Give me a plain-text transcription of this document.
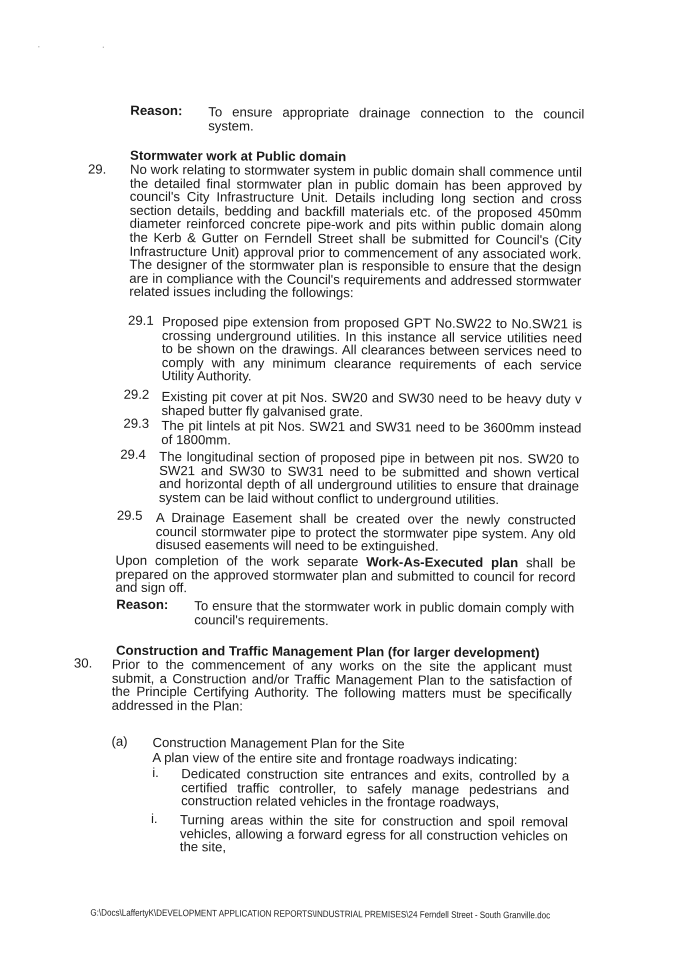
. .
Reason: To ensure appropriate drainage connection to the council system.
Stormwater work at Public domain
29. No work relating to stormwater system in public domain shall commence until the detailed final stormwater plan in public domain has been approved by council's City Infrastructure Unit. Details including long section and cross section details, bedding and backfill materials etc. of the proposed 450mm diameter reinforced concrete pipe-work and pits within public domain along the Kerb & Gutter on Ferndell Street shall be submitted for Council's (City Infrastructure Unit) approval prior to commencement of any associated work. The designer of the stormwater plan is responsible to ensure that the design are in compliance with the Council's requirements and addressed stormwater related issues including the followings:
29.1 Proposed pipe extension from proposed GPT No.SW22 to No.SW21 is crossing underground utilities. In this instance all service utilities need to be shown on the drawings. All clearances between services need to comply with any minimum clearance requirements of each service Utility Authority.
29.2 Existing pit cover at pit Nos. SW20 and SW30 need to be heavy duty v shaped butter fly galvanised grate.
29.3 The pit lintels at pit Nos. SW21 and SW31 need to be 3600mm instead of 1800mm.
29.4 The longitudinal section of proposed pipe in between pit nos. SW20 to SW21 and SW30 to SW31 need to be submitted and shown vertical and horizontal depth of all underground utilities to ensure that drainage system can be laid without conflict to underground utilities.
29.5 A Drainage Easement shall be created over the newly constructed council stormwater pipe to protect the stormwater pipe system. Any old disused easements will need to be extinguished.
Upon completion of the work separate Work-As-Executed plan shall be prepared on the approved stormwater plan and submitted to council for record and sign off.
Reason: To ensure that the stormwater work in public domain comply with council's requirements.
Construction and Traffic Management Plan (for larger development)
30. Prior to the commencement of any works on the site the applicant must submit, a Construction and/or Traffic Management Plan to the satisfaction of the Principle Certifying Authority. The following matters must be specifically addressed in the Plan:
(a) Construction Management Plan for the Site
A plan view of the entire site and frontage roadways indicating:
i. Dedicated construction site entrances and exits, controlled by a certified traffic controller, to safely manage pedestrians and construction related vehicles in the frontage roadways,
i. Turning areas within the site for construction and spoil removal vehicles, allowing a forward egress for all construction vehicles on the site,
G:\Docs\LaffertyK\DEVELOPMENT APPLICATION REPORTS\INDUSTRIAL PREMISES\24 Ferndell Street - South Granville.doc
